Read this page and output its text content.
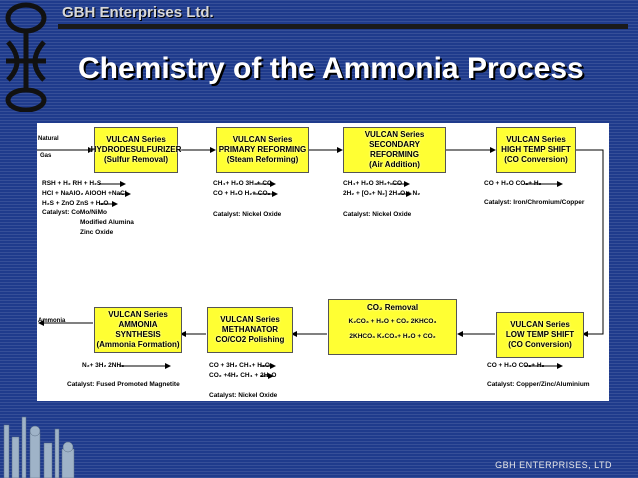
GBH Enterprises Ltd.
Chemistry of the Ammonia Process
Natural
Gas
Ammonia
VULCAN Series
HYDRODESULFURIZER
(Sulfur Removal)
VULCAN Series
PRIMARY REFORMING
(Steam Reforming)
VULCAN Series
SECONDARY REFORMING
(Air Addition)
VULCAN Series
HIGH TEMP SHIFT
(CO Conversion)
RSH + H₂ RH + H₂S
HCl + NaAlO₂ AlOOH +NaCl
H₂S + ZnO ZnS + H₂O
Catalyst: CoMo/NiMo
Modified Alumina
Zinc Oxide
CH₄+ H₂O 3H₂+ CO
CO + H₂O H₂+ CO₂
Catalyst: Nickel Oxide
CH₄+ H₂O 3H₂+ CO
2H₂ + [O₂+ N₂] 2H₂O + N₂
Catalyst: Nickel Oxide
CO + H₂O CO₂+ H₂
Catalyst: Iron/Chromium/Copper
VULCAN Series
AMMONIA SYNTHESIS
(Ammonia Formation)
VULCAN Series
METHANATOR
CO/CO2 Polishing
CO₂ Removal
K₂CO₃ + H₂O + CO₂ 2KHCO₃
2KHCO₃ K₂CO₃+ H₂O + CO₂
VULCAN Series
LOW TEMP SHIFT
(CO Conversion)
N₂+ 3H₂ 2NH₃
Catalyst: Fused Promoted Magnetite
CO + 3H₂ CH₄+ H₂O
CO₂ +4H₂ CH₄ + 2H₂O
Catalyst: Nickel Oxide
CO + H₂O CO₂+ H₂
Catalyst: Copper/Zinc/Aluminium
GBH ENTERPRISES, LTD
